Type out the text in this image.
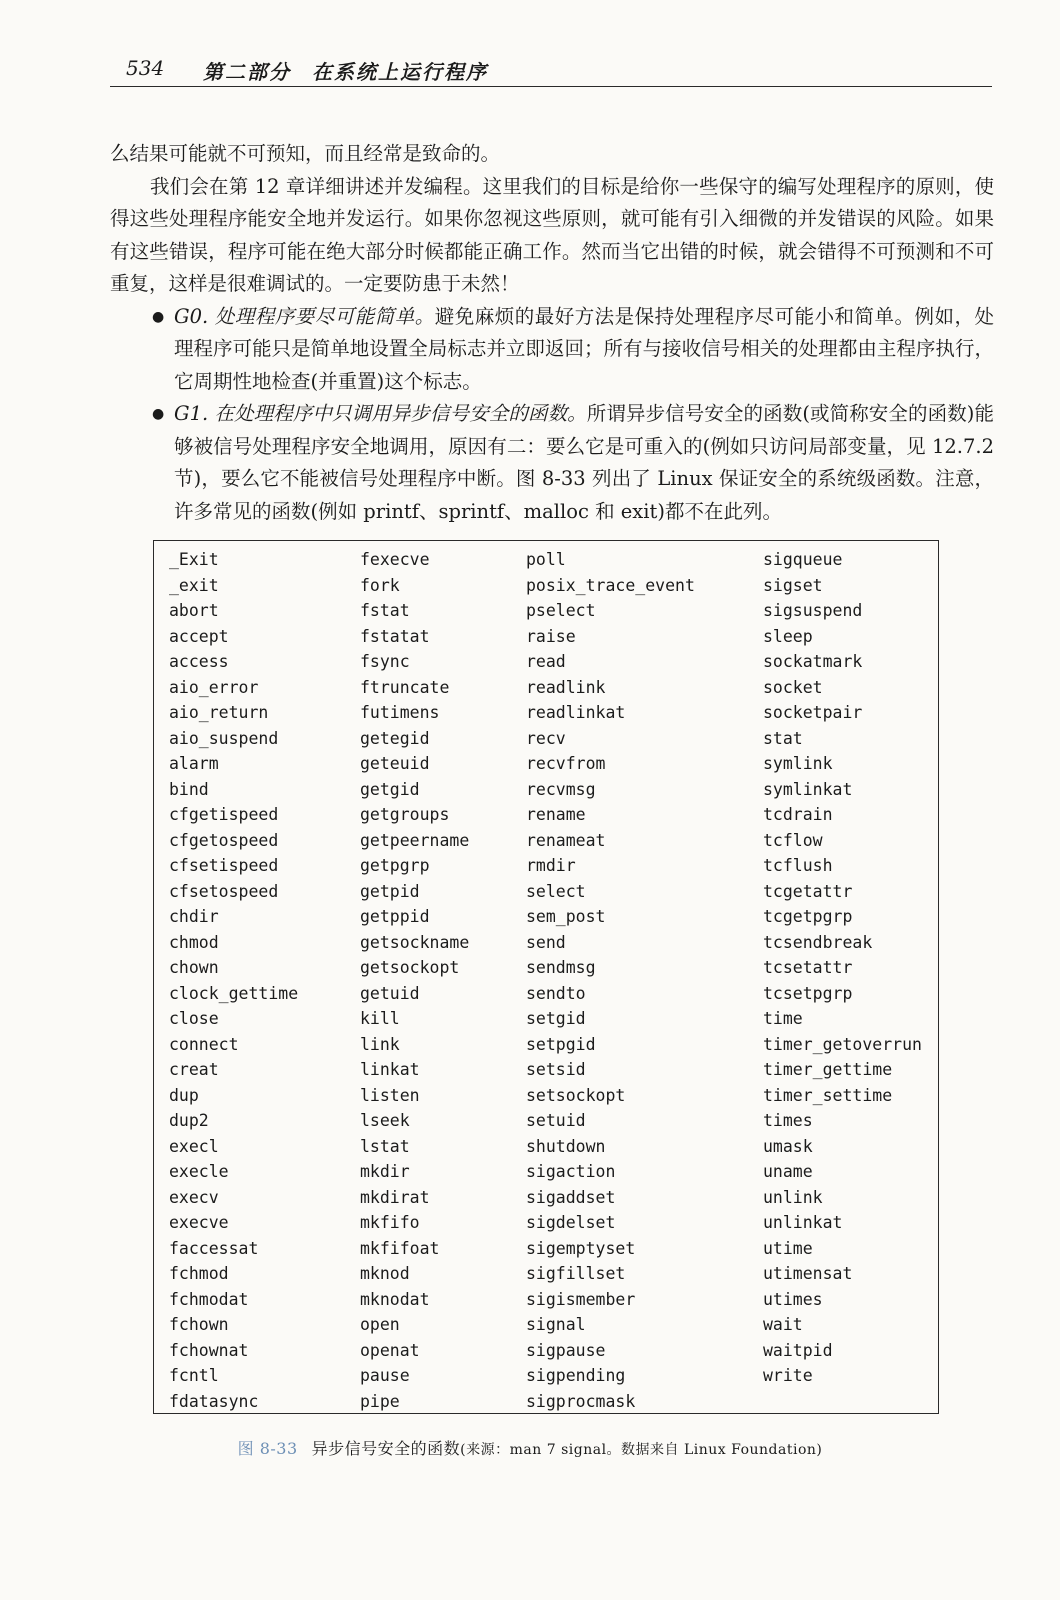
534 第二部分 在系统上运行程序

么结果可能就不可预知，而且经常是致命的。

我们会在第 12 章详细讲述并发编程。这里我们的目标是给你一些保守的编写处理程序的原则，使得这些处理程序能安全地并发运行。如果你忽视这些原则，就可能有引入细微的并发错误的风险。如果有这些错误，程序可能在绝大部分时候都能正确工作。然而当它出错的时候，就会错得不可预测和不可重复，这样是很难调试的。一定要防患于未然！

● G0. 处理程序要尽可能简单。避免麻烦的最好方法是保持处理程序尽可能小和简单。例如，处理程序可能只是简单地设置全局标志并立即返回；所有与接收信号相关的处理都由主程序执行，它周期性地检查(并重置)这个标志。
● G1. 在处理程序中只调用异步信号安全的函数。所谓异步信号安全的函数(或简称安全的函数)能够被信号处理程序安全地调用，原因有二：要么它是可重入的(例如只访问局部变量，见 12.7.2 节)，要么它不能被信号处理程序中断。图 8-33 列出了 Linux 保证安全的系统级函数。注意，许多常见的函数(例如 printf、sprintf、malloc 和 exit)都不在此列。
_Exit
_exit
abort
accept
access
aio_error
aio_return
aio_suspend
alarm
bind
cfgetispeed
cfgetospeed
cfsetispeed
cfsetospeed
chdir
chmod
chown
clock_gettime
close
connect
creat
dup
dup2
execl
execle
execv
execve
faccessat
fchmod
fchmodat
fchown
fchownat
fcntl
fdatasync
fexecve
fork
fstat
fstatat
fsync
ftruncate
futimens
getegid
geteuid
getgid
getgroups
getpeername
getpgrp
getpid
getppid
getsockname
getsockopt
getuid
kill
link
linkat
listen
lseek
lstat
mkdir
mkdirat
mkfifo
mkfifoat
mknod
mknodat
open
openat
pause
pipe
poll
posix_trace_event
pselect
raise
read
readlink
readlinkat
recv
recvfrom
recvmsg
rename
renameat
rmdir
select
sem_post
send
sendmsg
sendto
setgid
setpgid
setsid
setsockopt
setuid
shutdown
sigaction
sigaddset
sigdelset
sigemptyset
sigfillset
sigismember
signal
sigpause
sigpending
sigprocmask
sigqueue
sigset
sigsuspend
sleep
sockatmark
socket
socketpair
stat
symlink
symlinkat
tcdrain
tcflow
tcflush
tcgetattr
tcgetpgrp
tcsendbreak
tcsetattr
tcsetpgrp
time
timer_getoverrun
timer_gettime
timer_settime
times
umask
uname
unlink
unlinkat
utime
utimensat
utimes
wait
waitpid
write
图 8-33 异步信号安全的函数(来源：man 7 signal。数据来自 Linux Foundation)
